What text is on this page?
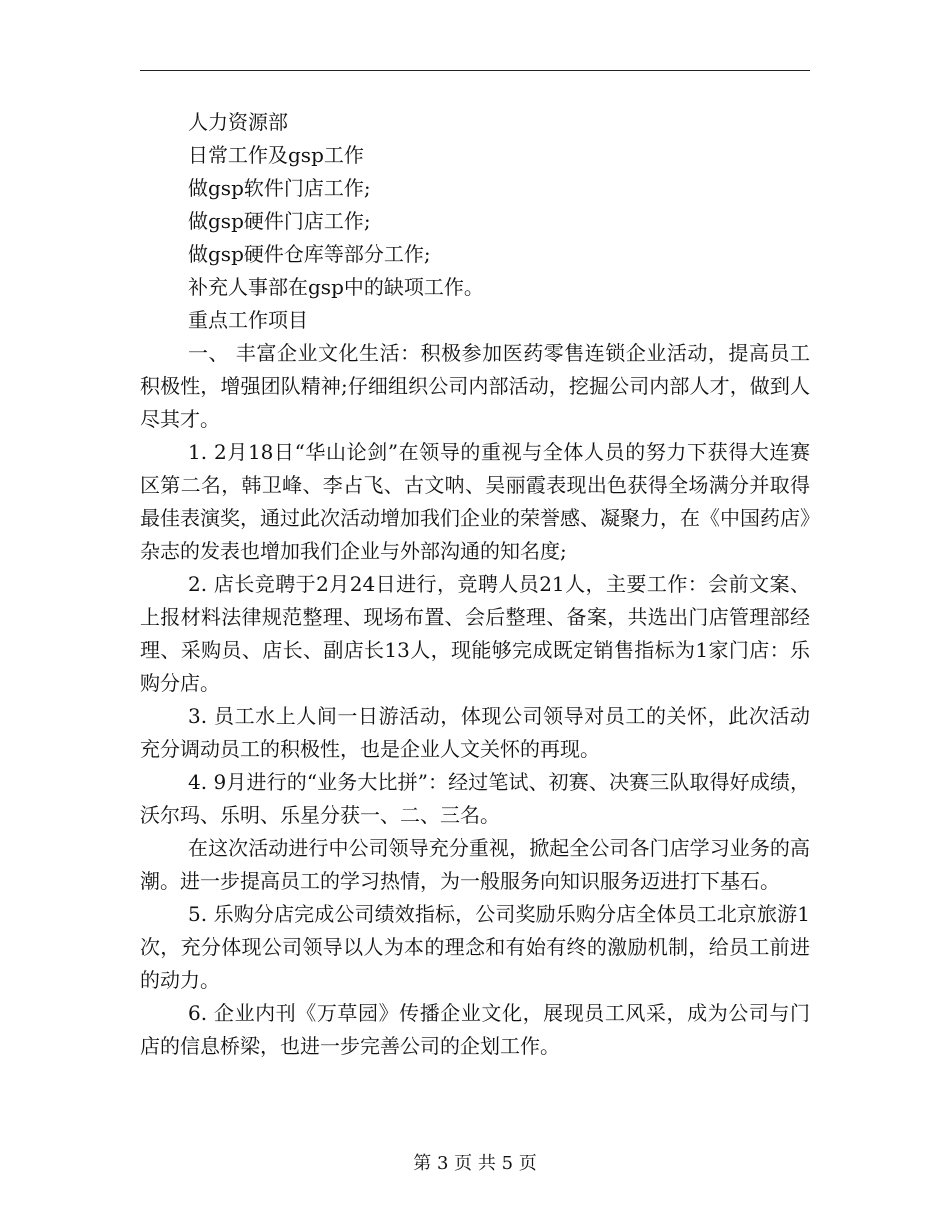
人力资源部

日常工作及gsp工作

做gsp软件门店工作;

做gsp硬件门店工作;

做gsp硬件仓库等部分工作;

补充人事部在gsp中的缺项工作。

重点工作项目

一、 丰富企业文化生活：积极参加医药零售连锁企业活动，提高员工积极性，增强团队精神;仔细组织公司内部活动，挖掘公司内部人才，做到人尽其才。

1. 2月18日“华山论剑”在领导的重视与全体人员的努力下获得大连赛区第二名，韩卫峰、李占飞、古文呐、吴丽霞表现出色获得全场满分并取得最佳表演奖，通过此次活动增加我们企业的荣誉感、凝聚力，在《中国药店》杂志的发表也增加我们企业与外部沟通的知名度;

2. 店长竞聘于2月24日进行，竞聘人员21人，主要工作：会前文案、上报材料法律规范整理、现场布置、会后整理、备案，共选出门店管理部经理、采购员、店长、副店长13人，现能够完成既定销售指标为1家门店：乐购分店。

3. 员工水上人间一日游活动，体现公司领导对员工的关怀，此次活动充分调动员工的积极性，也是企业人文关怀的再现。

4. 9月进行的“业务大比拼”：经过笔试、初赛、决赛三队取得好成绩，沃尔玛、乐明、乐星分获一、二、三名。

在这次活动进行中公司领导充分重视，掀起全公司各门店学习业务的高潮。进一步提高员工的学习热情，为一般服务向知识服务迈进打下基石。

5. 乐购分店完成公司绩效指标，公司奖励乐购分店全体员工北京旅游1次，充分体现公司领导以人为本的理念和有始有终的激励机制，给员工前进的动力。

6. 企业内刊《万草园》传播企业文化，展现员工风采，成为公司与门店的信息桥梁，也进一步完善公司的企划工作。

第 3 页 共 5 页
